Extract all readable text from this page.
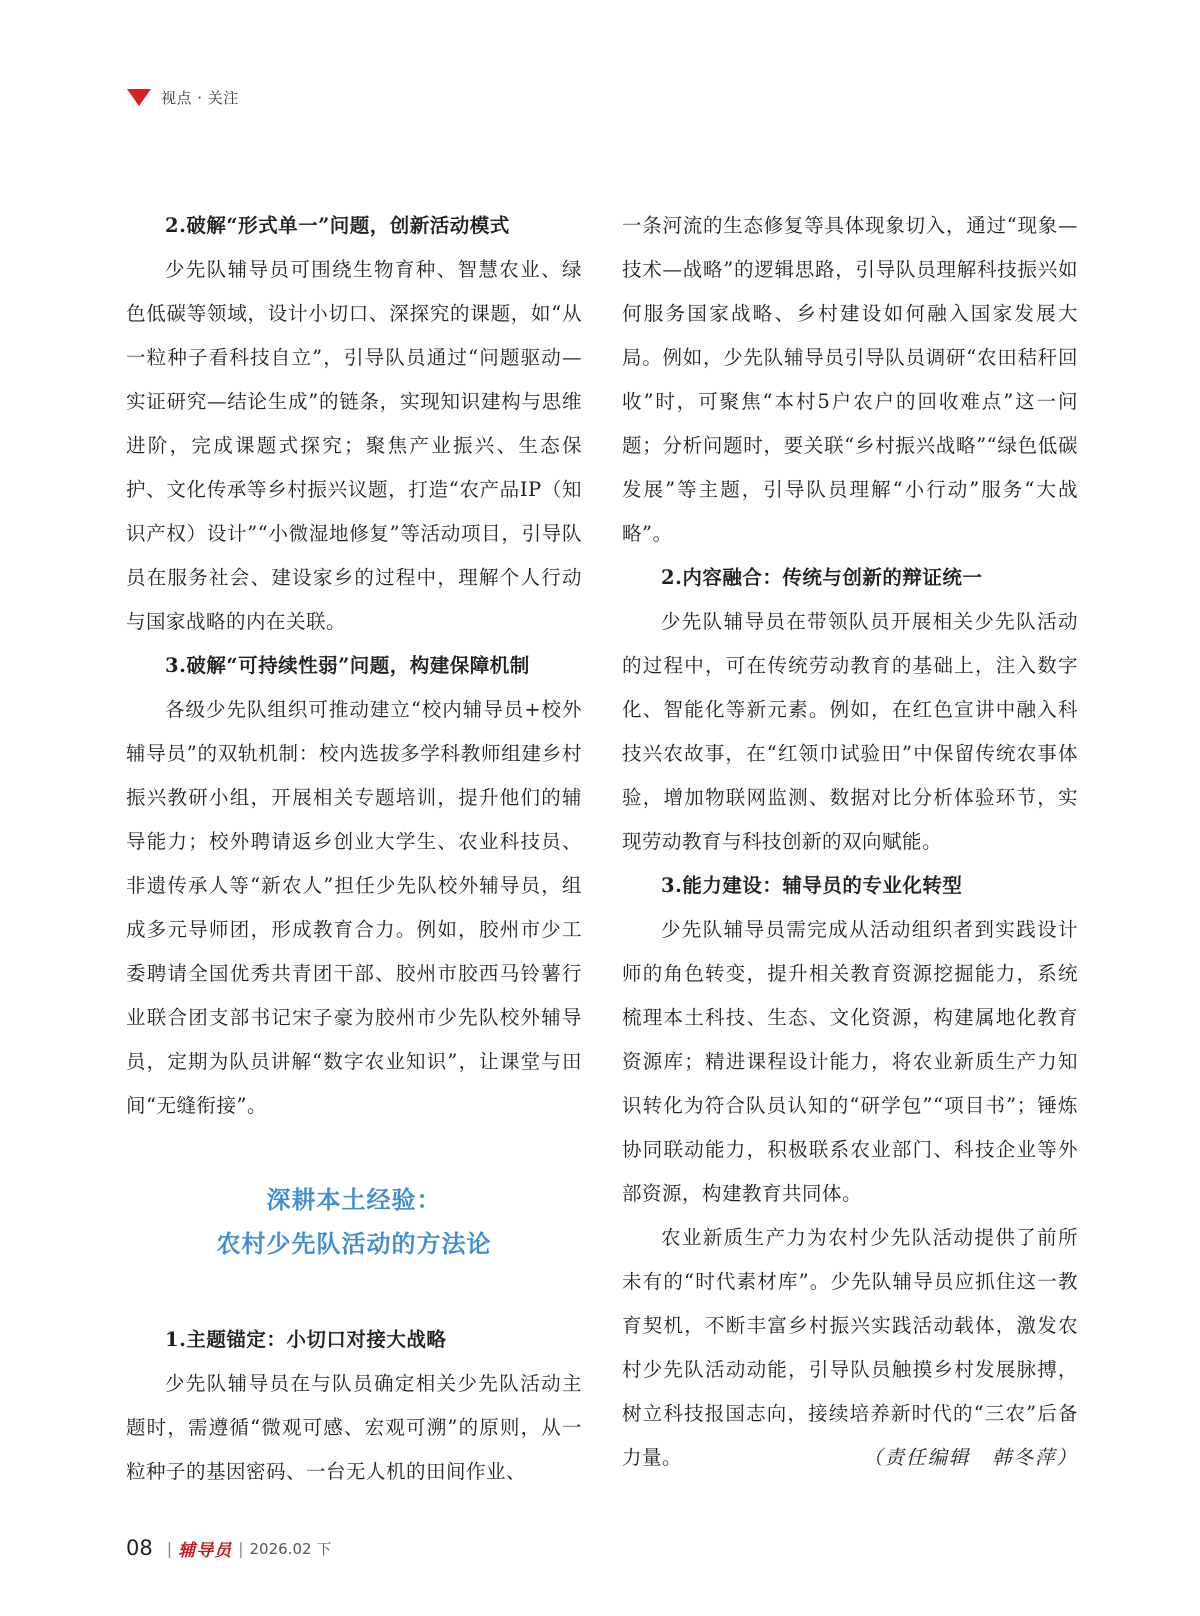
视点 · 关注

2.破解“形式单一”问题，创新活动模式

少先队辅导员可围绕生物育种、智慧农业、绿色低碳等领域，设计小切口、深探究的课题，如“从一粒种子看科技自立”，引导队员通过“问题驱动—实证研究—结论生成”的链条，实现知识建构与思维进阶，完成课题式探究；聚焦产业振兴、生态保护、文化传承等乡村振兴议题，打造“农产品IP（知识产权）设计”“小微湿地修复”等活动项目，引导队员在服务社会、建设家乡的过程中，理解个人行动与国家战略的内在关联。

3.破解“可持续性弱”问题，构建保障机制

各级少先队组织可推动建立“校内辅导员+校外辅导员”的双轨机制：校内选拔多学科教师组建乡村振兴教研小组，开展相关专题培训，提升他们的辅导能力；校外聘请返乡创业大学生、农业科技员、非遗传承人等“新农人”担任少先队校外辅导员，组成多元导师团，形成教育合力。例如，胶州市少工委聘请全国优秀共青团干部、胶州市胶西马铃薯行业联合团支部书记宋子豪为胶州市少先队校外辅导员，定期为队员讲解“数字农业知识”，让课堂与田间“无缝衔接”。

深耕本土经验：
农村少先队活动的方法论

1.主题锚定：小切口对接大战略

少先队辅导员在与队员确定相关少先队活动主题时，需遵循“微观可感、宏观可溯”的原则，从一粒种子的基因密码、一台无人机的田间作业、

一条河流的生态修复等具体现象切入，通过“现象—技术—战略”的逻辑思路，引导队员理解科技振兴如何服务国家战略、乡村建设如何融入国家发展大局。例如，少先队辅导员引导队员调研“农田秸秆回收”时，可聚焦“本村5户农户的回收难点”这一问题；分析问题时，要关联“乡村振兴战略”“绿色低碳发展”等主题，引导队员理解“小行动”服务“大战略”。

2.内容融合：传统与创新的辩证统一

少先队辅导员在带领队员开展相关少先队活动的过程中，可在传统劳动教育的基础上，注入数字化、智能化等新元素。例如，在红色宣讲中融入科技兴农故事，在“红领巾试验田”中保留传统农事体验，增加物联网监测、数据对比分析体验环节，实现劳动教育与科技创新的双向赋能。

3.能力建设：辅导员的专业化转型

少先队辅导员需完成从活动组织者到实践设计师的角色转变，提升相关教育资源挖掘能力，系统梳理本土科技、生态、文化资源，构建属地化教育资源库；精进课程设计能力，将农业新质生产力知识转化为符合队员认知的“研学包”“项目书”；锤炼协同联动能力，积极联系农业部门、科技企业等外部资源，构建教育共同体。

农业新质生产力为农村少先队活动提供了前所未有的“时代素材库”。少先队辅导员应抓住这一教育契机，不断丰富乡村振兴实践活动载体，激发农村少先队活动动能，引导队员触摸乡村发展脉搏，树立科技报国志向，接续培养新时代的“三农”后备力量。	（责任编辑　韩冬萍）

08 | 辅导员 | 2026.02 下
